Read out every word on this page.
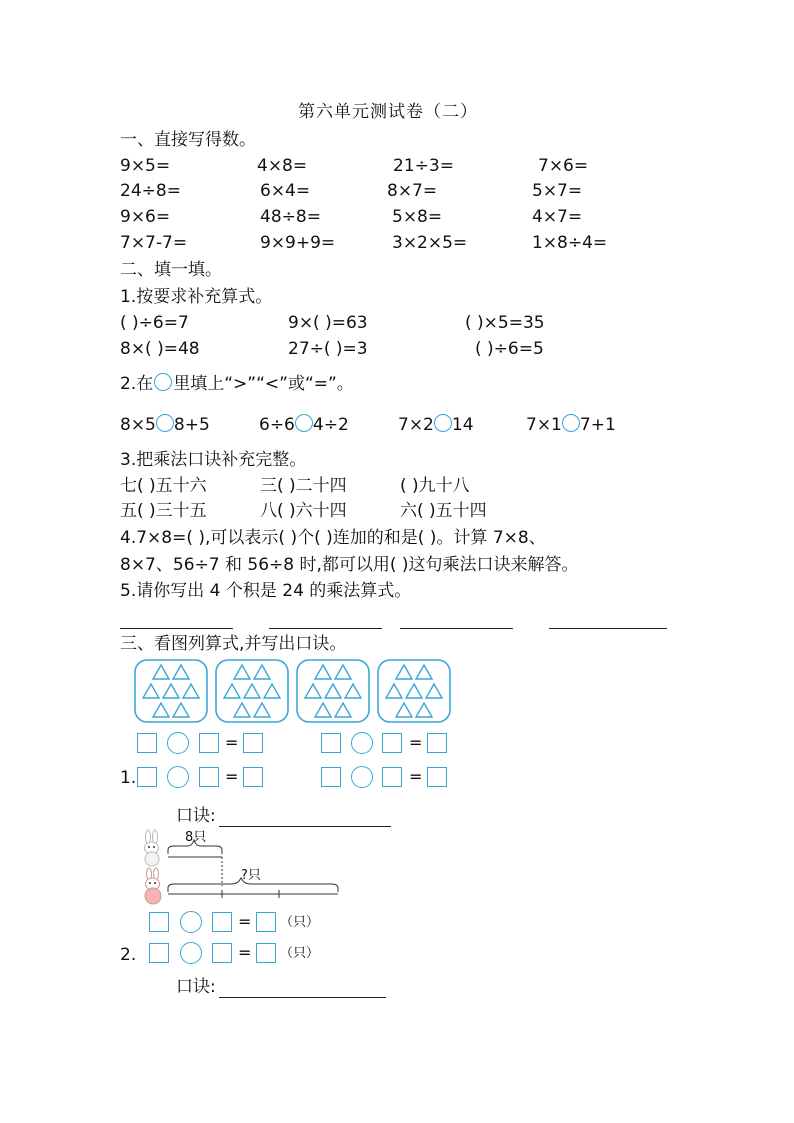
第六单元测试卷（二）
一、直接写得数。
9×5=	4×8=	21÷3=	7×6=
24÷8=	6×4=	8×7=	5×7=
9×6=	48÷8=	5×8=	4×7=
7×7-7=	9×9+9=	3×2×5=	1×8÷4=
二、填一填。
1.按要求补充算式。
( )÷6=7	9×( )=63	( )×5=35
8×( )=48	27÷( )=3	( )÷6=5
2.在 里填上“>”“<”或“=”。
8×5 8+5	6÷6 4÷2	7×2 14	7×1 7+1
3.把乘法口诀补充完整。
七( )五十六	三( )二十四	( )九十八
五( )三十五	八( )六十四	六( )五十四
4.7×8=( ),可以表示( )个( )连加的和是( )。计算 7×8、
8×7、56÷7 和 56÷8 时,都可以用( )这句乘法口诀来解答。
5.请你写出 4 个积是 24 的乘法算式。
三、看图列算式,并写出口诀。
=	=
1.	=	=
口诀:
8只
?只
= （只）
2.	= （只）
口诀:
